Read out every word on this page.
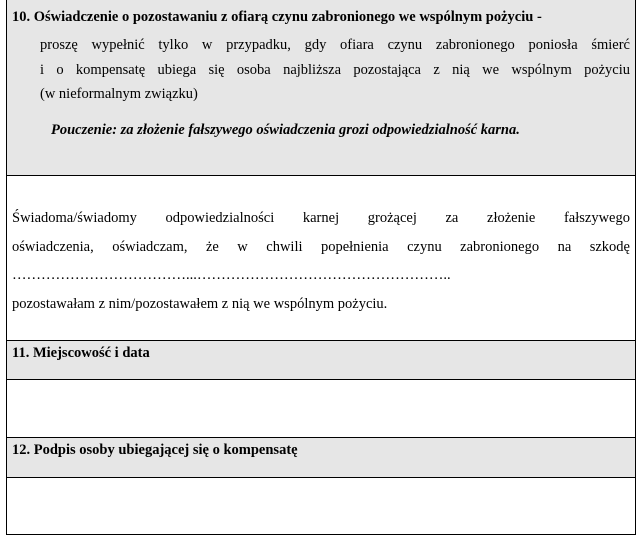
10. Oświadczenie o pozostawaniu z ofiarą czynu zabronionego we wspólnym pożyciu -
proszę wypełnić tylko w przypadku, gdy ofiara czynu zabronionego poniosła śmierć
i o kompensatę ubiega się osoba najbliższa pozostająca z nią we wspólnym pożyciu
(w nieformalnym związku)
Pouczenie: za złożenie fałszywego oświadczenia grozi odpowiedzialność karna.
Świadoma/świadomy odpowiedzialności karnej grożącej za złożenie fałszywego
oświadczenia, oświadczam, że w chwili popełnienia czynu zabronionego na szkodę
………………………………...……………………………………………..
pozostawałam z nim/pozostawałem z nią we wspólnym pożyciu.
11. Miejscowość i data
12. Podpis osoby ubiegającej się o kompensatę
